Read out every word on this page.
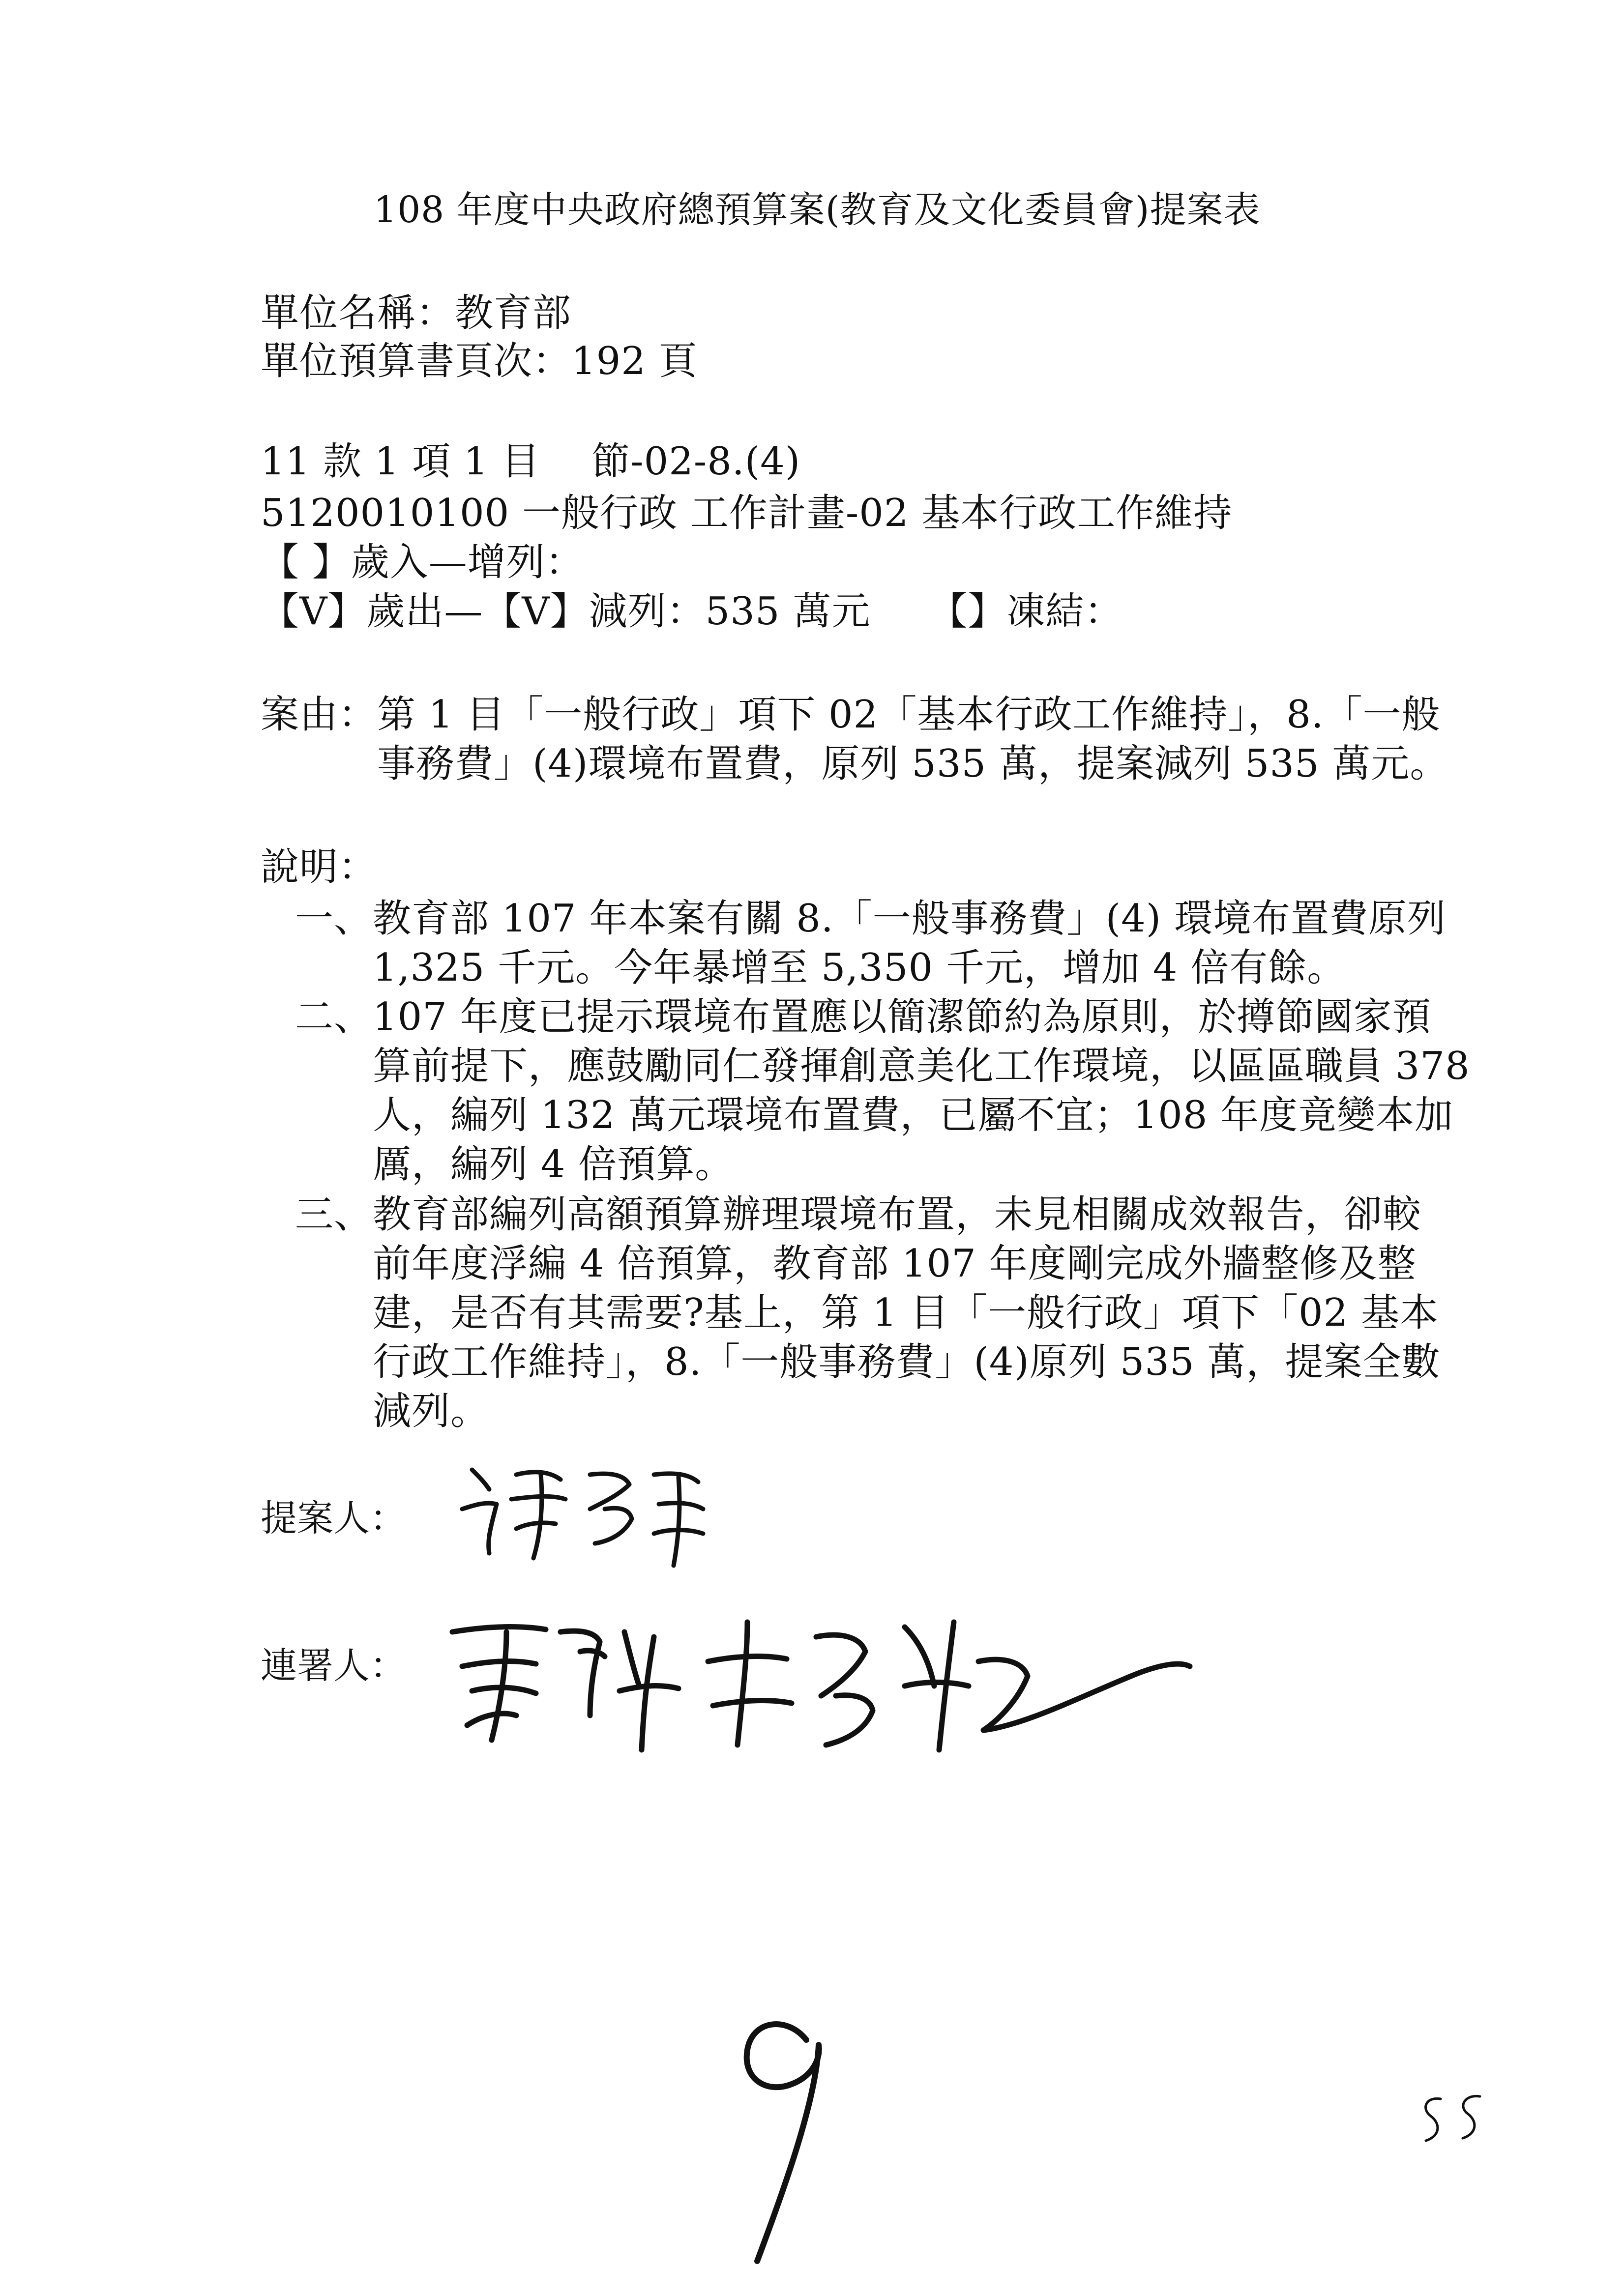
108 年度中央政府總預算案(教育及文化委員會)提案表
單位名稱：教育部
單位預算書頁次：192 頁
11 款 1 項 1 目　 節-02-8.(4)
5120010100 一般行政 工作計畫-02 基本行政工作維持
【 】歲入—增列：
【V】歲出—【V】減列：535 萬元　　【】凍結：
案由：第 1 目「一般行政」項下 02「基本行政工作維持」，8.「一般
　　　事務費」(4)環境布置費，原列 535 萬，提案減列 535 萬元。
說明：
一、教育部 107 年本案有關 8.「一般事務費」(4) 環境布置費原列
　　1,325 千元。今年暴增至 5,350 千元，增加 4 倍有餘。
二、107 年度已提示環境布置應以簡潔節約為原則，於撙節國家預
　　算前提下，應鼓勵同仁發揮創意美化工作環境，以區區職員 378
　　人，編列 132 萬元環境布置費，已屬不宜；108 年度竟變本加
　　厲，編列 4 倍預算。
三、教育部編列高額預算辦理環境布置，未見相關成效報告，卻較
　　前年度浮編 4 倍預算，教育部 107 年度剛完成外牆整修及整
　　建，是否有其需要?基上，第 1 目「一般行政」項下「02 基本
　　行政工作維持」，8.「一般事務費」(4)原列 535 萬，提案全數
　　減列。
提案人：
連署人：
